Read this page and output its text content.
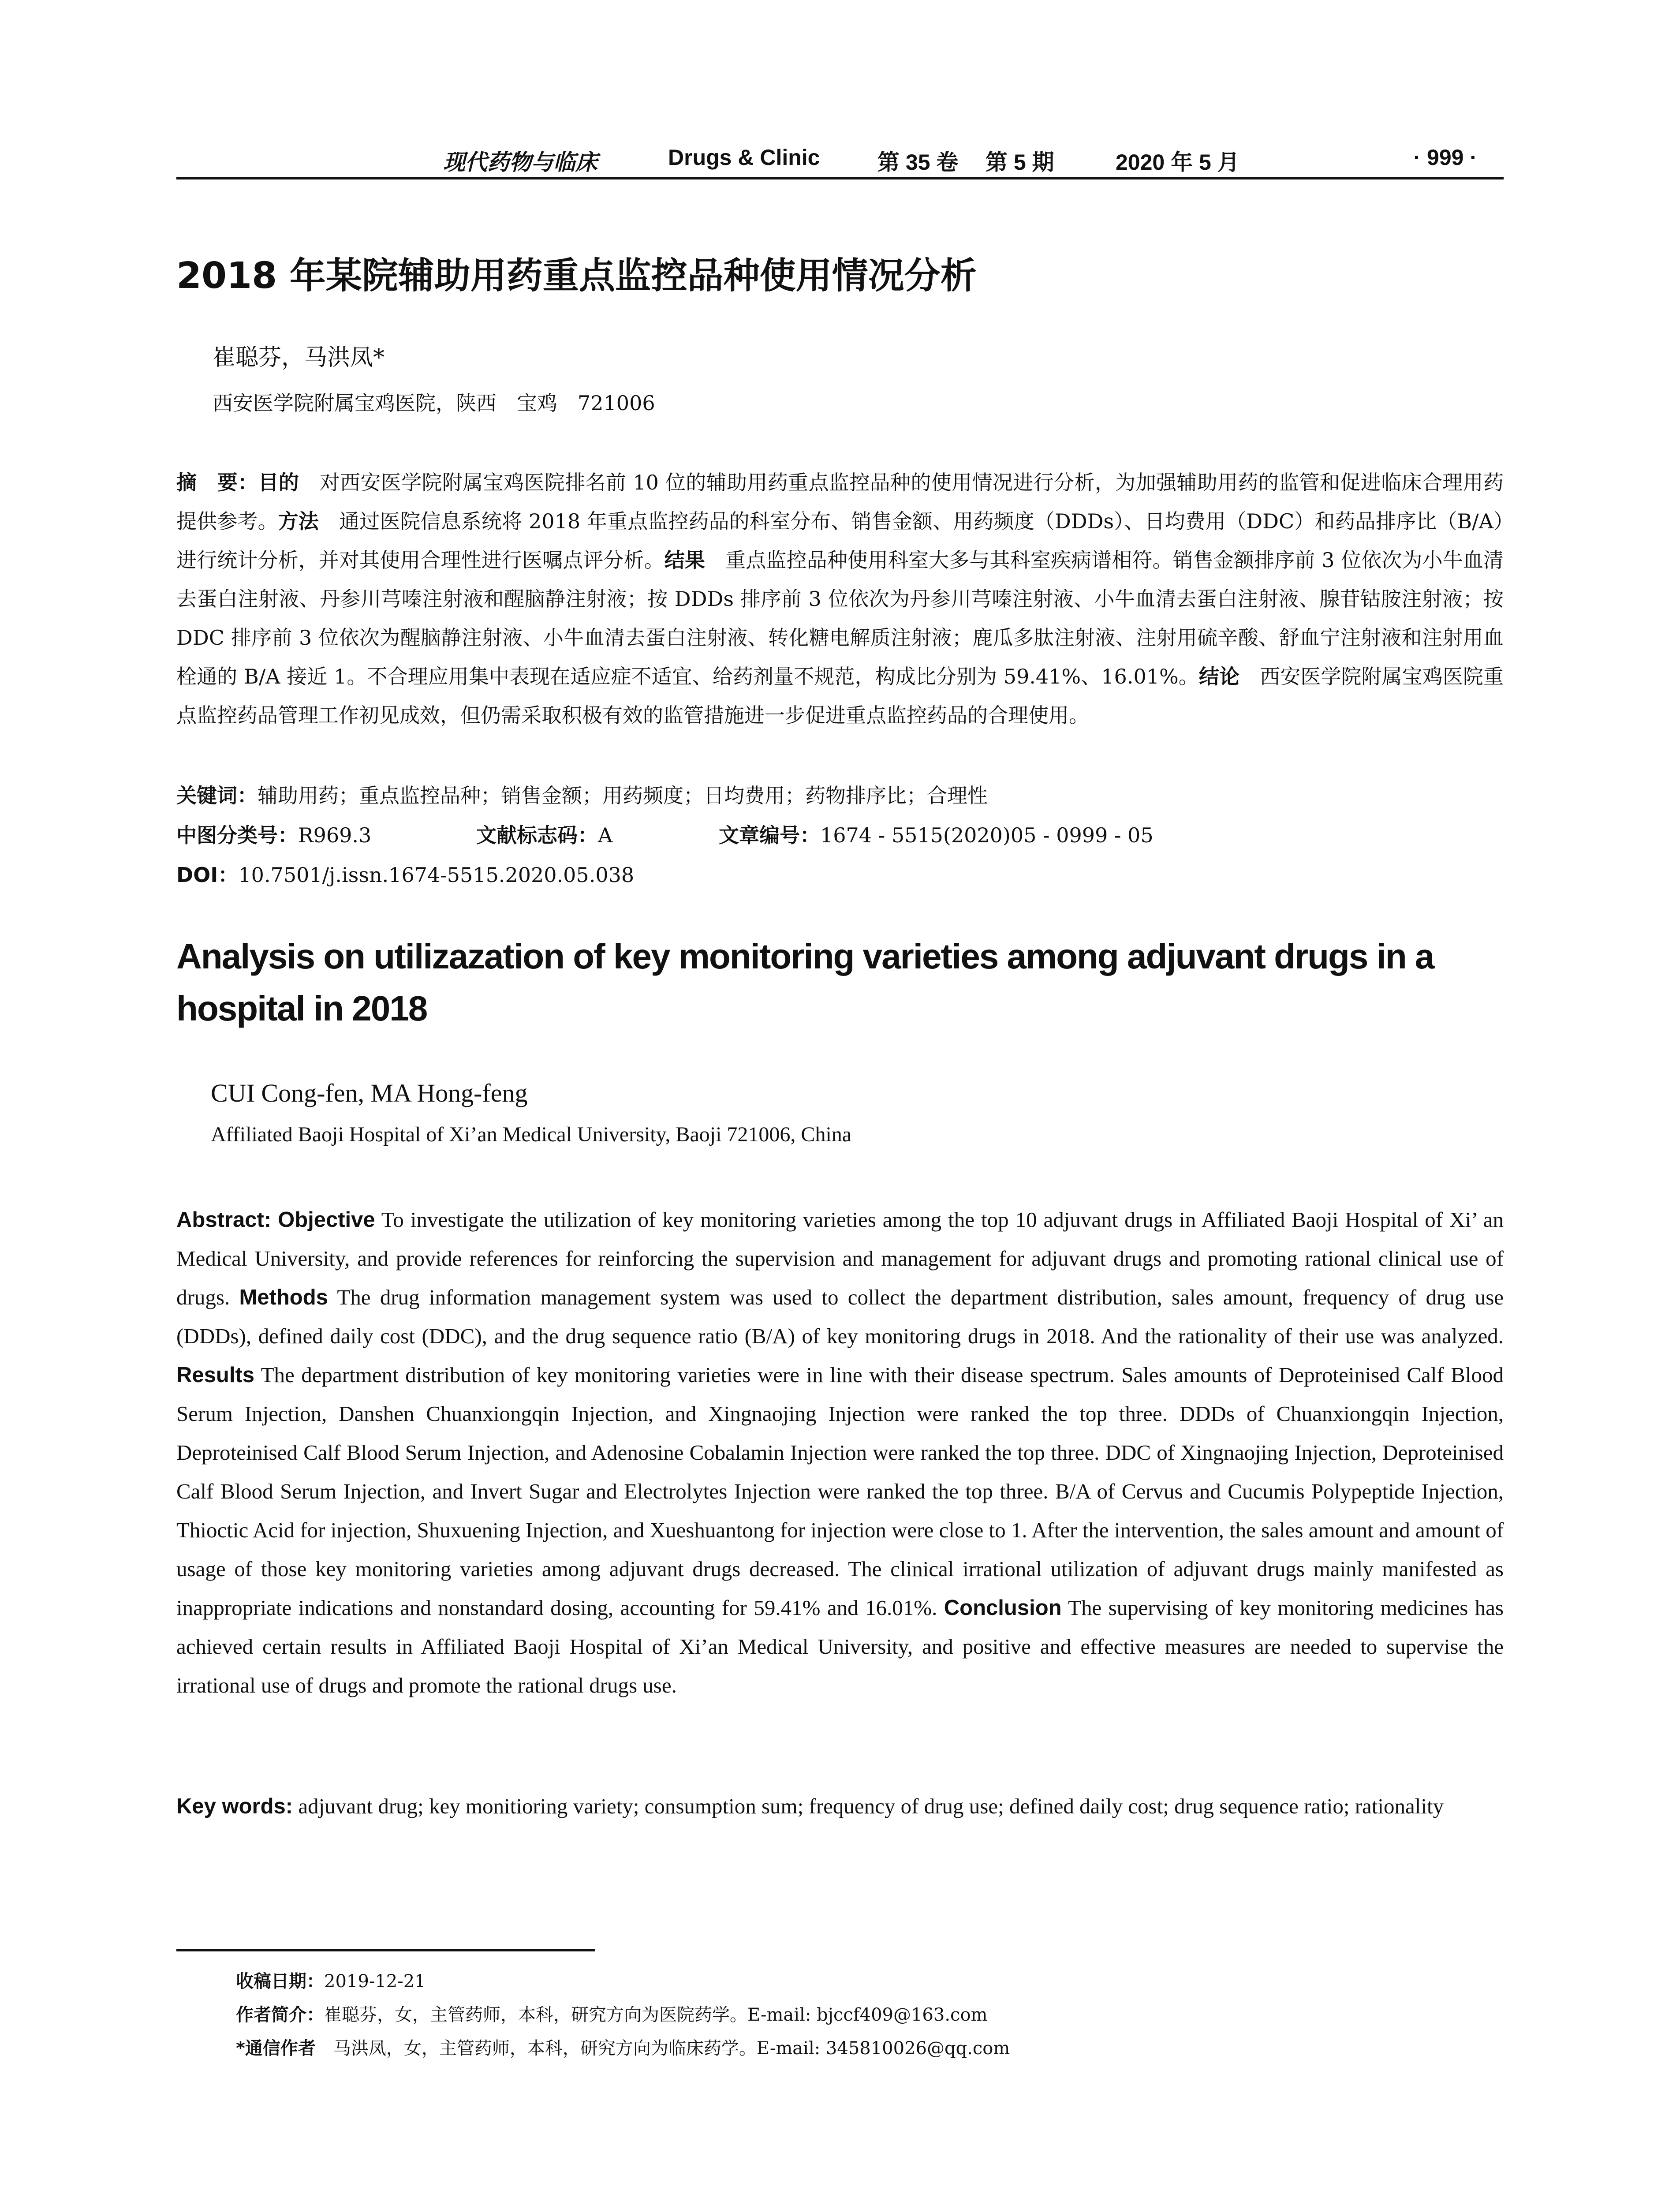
现代药物与临床	Drugs & Clinic	第 35 卷 第 5 期	2020 年 5 月	· 999 ·
2018 年某院辅助用药重点监控品种使用情况分析
崔聪芬，马洪凤*
西安医学院附属宝鸡医院，陕西　宝鸡　721006
摘　要：目的　对西安医学院附属宝鸡医院排名前 10 位的辅助用药重点监控品种的使用情况进行分析，为加强辅助用药的监管和促进临床合理用药提供参考。方法　通过医院信息系统将 2018 年重点监控药品的科室分布、销售金额、用药频度（DDDs）、日均费用（DDC）和药品排序比（B/A）进行统计分析，并对其使用合理性进行医嘱点评分析。结果　重点监控品种使用科室大多与其科室疾病谱相符。销售金额排序前 3 位依次为小牛血清去蛋白注射液、丹参川芎嗪注射液和醒脑静注射液；按 DDDs 排序前 3 位依次为丹参川芎嗪注射液、小牛血清去蛋白注射液、腺苷钴胺注射液；按 DDC 排序前 3 位依次为醒脑静注射液、小牛血清去蛋白注射液、转化糖电解质注射液；鹿瓜多肽注射液、注射用硫辛酸、舒血宁注射液和注射用血栓通的 B/A 接近 1。不合理应用集中表现在适应症不适宜、给药剂量不规范，构成比分别为 59.41%、16.01%。结论　西安医学院附属宝鸡医院重点监控药品管理工作初见成效，但仍需采取积极有效的监管措施进一步促进重点监控药品的合理使用。
关键词：辅助用药；重点监控品种；销售金额；用药频度；日均费用；药物排序比；合理性
中图分类号：R969.3	文献标志码：A	文章编号：1674 - 5515(2020)05 - 0999 - 05
DOI：10.7501/j.issn.1674-5515.2020.05.038
Analysis on utilizazation of key monitoring varieties among adjuvant drugs in a hospital in 2018
CUI Cong-fen, MA Hong-feng
Affiliated Baoji Hospital of Xi’an Medical University, Baoji 721006, China
Abstract: Objective To investigate the utilization of key monitoring varieties among the top 10 adjuvant drugs in Affiliated Baoji Hospital of Xi’ an Medical University, and provide references for reinforcing the supervision and management for adjuvant drugs and promoting rational clinical use of drugs. Methods The drug information management system was used to collect the department distribution, sales amount, frequency of drug use (DDDs), defined daily cost (DDC), and the drug sequence ratio (B/A) of key monitoring drugs in 2018. And the rationality of their use was analyzed. Results The department distribution of key monitoring varieties were in line with their disease spectrum. Sales amounts of Deproteinised Calf Blood Serum Injection, Danshen Chuanxiongqin Injection, and Xingnaojing Injection were ranked the top three. DDDs of Chuanxiongqin Injection, Deproteinised Calf Blood Serum Injection, and Adenosine Cobalamin Injection were ranked the top three. DDC of Xingnaojing Injection, Deproteinised Calf Blood Serum Injection, and Invert Sugar and Electrolytes Injection were ranked the top three. B/A of Cervus and Cucumis Polypeptide Injection, Thioctic Acid for injection, Shuxuening Injection, and Xueshuantong for injection were close to 1. After the intervention, the sales amount and amount of usage of those key monitoring varieties among adjuvant drugs decreased. The clinical irrational utilization of adjuvant drugs mainly manifested as inappropriate indications and nonstandard dosing, accounting for 59.41% and 16.01%. Conclusion The supervising of key monitoring medicines has achieved certain results in Affiliated Baoji Hospital of Xi’an Medical University, and positive and effective measures are needed to supervise the irrational use of drugs and promote the rational drugs use.
Key words: adjuvant drug; key monitioring variety; consumption sum; frequency of drug use; defined daily cost; drug sequence ratio; rationality
收稿日期：2019-12-21
作者简介：崔聪芬，女，主管药师，本科，研究方向为医院药学。E-mail: bjccf409@163.com
*通信作者　马洪凤，女，主管药师，本科，研究方向为临床药学。E-mail: 345810026@qq.com
